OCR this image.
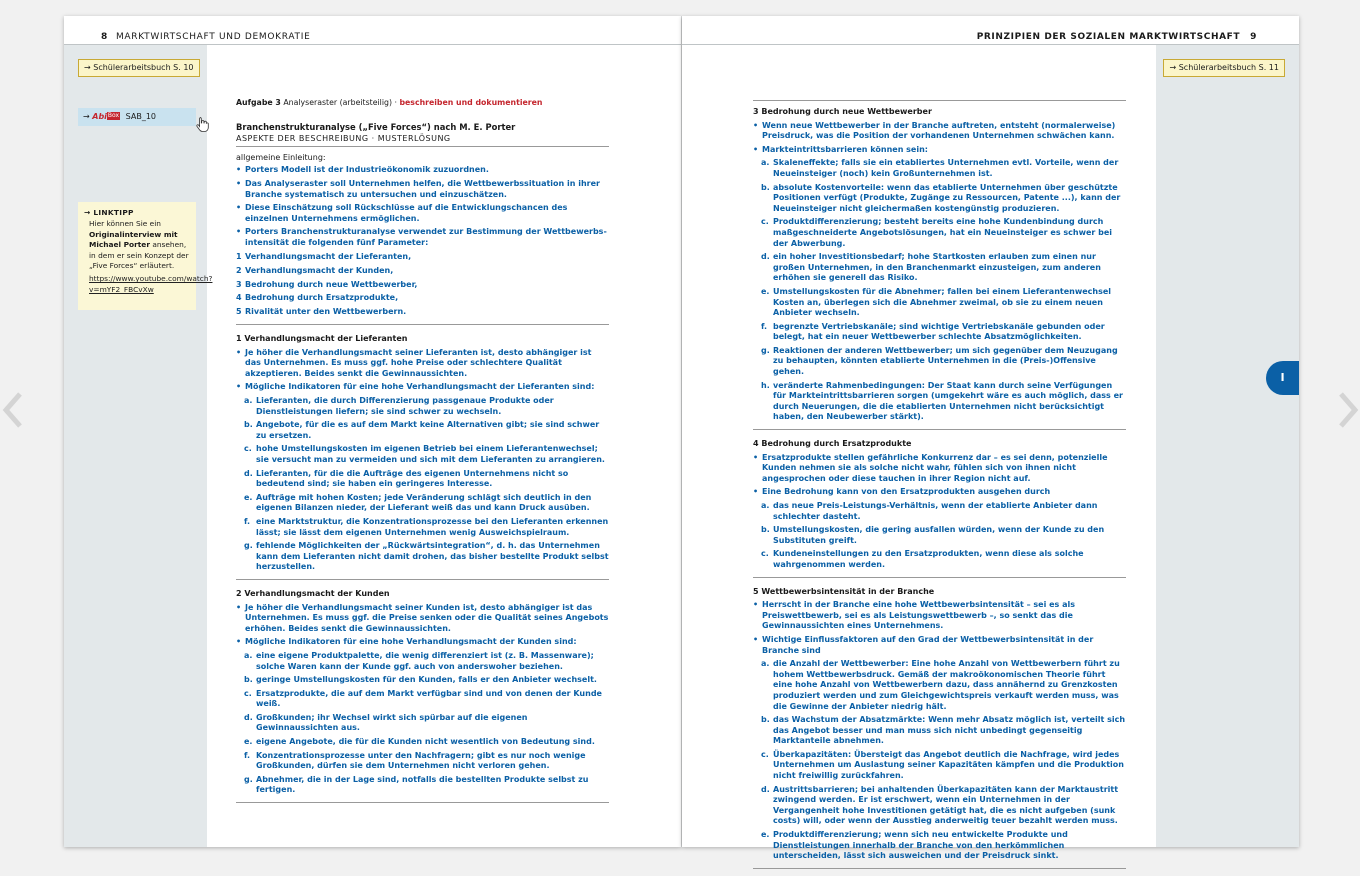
8 MARKTWIRTSCHAFT UND DEMOKRATIE
→ Schülerarbeitsbuch S. 10
→ AbiBox SAB_10
→ LINKTIPP

Hier können Sie ein Originalinterview mit Michael Porter ansehen, in dem er sein Konzept der „Five Forces“ erläutert.

https://www.youtube.com/watch?v=mYF2_FBCvXw
Aufgabe 3 Analyseraster (arbeitsteilig) · beschreiben und dokumentieren
Branchenstrukturanalyse („Five Forces“) nach M. E. Porter
ASPEKTE DER BESCHREIBUNG · MUSTERLÖSUNG
allgemeine Einleitung:
• Porters Modell ist der Industrieökonomik zuzuordnen.
• Das Analyseraster soll Unternehmen helfen, die Wettbewerbssituation in ihrer Branche systematisch zu untersuchen und einzuschätzen.
• Diese Einschätzung soll Rückschlüsse auf die Entwicklungschancen des einzelnen Unternehmens ermöglichen.
• Porters Branchenstrukturanalyse verwendet zur Bestimmung der Wettbewerbsintensität die folgenden fünf Parameter:
1 Verhandlungsmacht der Lieferanten,
2 Verhandlungsmacht der Kunden,
3 Bedrohung durch neue Wettbewerber,
4 Bedrohung durch Ersatzprodukte,
5 Rivalität unter den Wettbewerbern.
1 Verhandlungsmacht der Lieferanten
• Je höher die Verhandlungsmacht seiner Lieferanten ist, desto abhängiger ist das Unternehmen. Es muss ggf. hohe Preise oder schlechtere Qualität akzeptieren. Beides senkt die Gewinnaussichten.
• Mögliche Indikatoren für eine hohe Verhandlungsmacht der Lieferanten sind:
a. Lieferanten, die durch Differenzierung passgenaue Produkte oder Dienstleistungen liefern; sie sind schwer zu wechseln.
b. Angebote, für die es auf dem Markt keine Alternativen gibt; sie sind schwer zu ersetzen.
c. hohe Umstellungskosten im eigenen Betrieb bei einem Lieferantenwechsel; sie versucht man zu vermeiden und sich mit dem Lieferanten zu arrangieren.
d. Lieferanten, für die die Aufträge des eigenen Unternehmens nicht so bedeutend sind; sie haben ein geringeres Interesse.
e. Aufträge mit hohen Kosten; jede Veränderung schlägt sich deutlich in den eigenen Bilanzen nieder, der Lieferant weiß das und kann Druck ausüben.
f. eine Marktstruktur, die Konzentrationsprozesse bei den Lieferanten erkennen lässt; sie lässt dem eigenen Unternehmen wenig Ausweichspielraum.
g. fehlende Möglichkeiten der „Rückwärtsintegration“, d. h. das Unternehmen kann dem Lieferanten nicht damit drohen, das bisher bestellte Produkt selbst herzustellen.
2 Verhandlungsmacht der Kunden
• Je höher die Verhandlungsmacht seiner Kunden ist, desto abhängiger ist das Unternehmen. Es muss ggf. die Preise senken oder die Qualität seines Angebots erhöhen. Beides senkt die Gewinnaussichten.
• Mögliche Indikatoren für eine hohe Verhandlungsmacht der Kunden sind:
a. eine eigene Produktpalette, die wenig differenziert ist (z. B. Massenware); solche Waren kann der Kunde ggf. auch von anderswoher beziehen.
b. geringe Umstellungskosten für den Kunden, falls er den Anbieter wechselt.
c. Ersatzprodukte, die auf dem Markt verfügbar sind und von denen der Kunde weiß.
d. Großkunden; ihr Wechsel wirkt sich spürbar auf die eigenen Gewinnaussichten aus.
e. eigene Angebote, die für die Kunden nicht wesentlich von Bedeutung sind.
f. Konzentrationsprozesse unter den Nachfragern; gibt es nur noch wenige Großkunden, dürfen sie dem Unternehmen nicht verloren gehen.
g. Abnehmer, die in der Lage sind, notfalls die bestellten Produkte selbst zu fertigen.
PRINZIPIEN DER SOZIALEN MARKTWIRTSCHAFT 9
→ Schülerarbeitsbuch S. 11
I
3 Bedrohung durch neue Wettbewerber
• Wenn neue Wettbewerber in der Branche auftreten, entsteht (normalerweise) Preisdruck, was die Position der vorhandenen Unternehmen schwächen kann.
• Markteintrittsbarrieren können sein:
a. Skaleneffekte; falls sie ein etabliertes Unternehmen evtl. Vorteile, wenn der Neueinsteiger (noch) kein Großunternehmen ist.
b. absolute Kostenvorteile: wenn das etablierte Unternehmen über geschützte Positionen verfügt (Produkte, Zugänge zu Ressourcen, Patente ...), kann der Neueinsteiger nicht gleichermaßen kostengünstig produzieren.
c. Produktdifferenzierung; besteht bereits eine hohe Kundenbindung durch maßgeschneiderte Angebotslösungen, hat ein Neueinsteiger es schwer bei der Abwerbung.
d. ein hoher Investitionsbedarf; hohe Startkosten erlauben zum einen nur großen Unternehmen, in den Branchenmarkt einzusteigen, zum anderen erhöhen sie generell das Risiko.
e. Umstellungskosten für die Abnehmer; fallen bei einem Lieferantenwechsel Kosten an, überlegen sich die Abnehmer zweimal, ob sie zu einem neuen Anbieter wechseln.
f. begrenzte Vertriebskanäle; sind wichtige Vertriebskanäle gebunden oder belegt, hat ein neuer Wettbewerber schlechte Absatzmöglichkeiten.
g. Reaktionen der anderen Wettbewerber; um sich gegenüber dem Neuzugang zu behaupten, könnten etablierte Unternehmen in die (Preis-)Offensive gehen.
h. veränderte Rahmenbedingungen: Der Staat kann durch seine Verfügungen für Markteintrittsbarrieren sorgen (umgekehrt wäre es auch möglich, dass er durch Neuerungen, die die etablierten Unternehmen nicht berücksichtigt haben, den Neubewerber stärkt).
4 Bedrohung durch Ersatzprodukte
• Ersatzprodukte stellen gefährliche Konkurrenz dar – es sei denn, potenzielle Kunden nehmen sie als solche nicht wahr, fühlen sich von ihnen nicht angesprochen oder diese tauchen in ihrer Region nicht auf.
• Eine Bedrohung kann von den Ersatzprodukten ausgehen durch
a. das neue Preis-Leistungs-Verhältnis, wenn der etablierte Anbieter dann schlechter dasteht.
b. Umstellungskosten, die gering ausfallen würden, wenn der Kunde zu den Substituten greift.
c. Kundeneinstellungen zu den Ersatzprodukten, wenn diese als solche wahrgenommen werden.
5 Wettbewerbsintensität in der Branche
• Herrscht in der Branche eine hohe Wettbewerbsintensität – sei es als Preiswettbewerb, sei es als Leistungswettbewerb –, so senkt das die Gewinnaussichten eines Unternehmens.
• Wichtige Einflussfaktoren auf den Grad der Wettbewerbsintensität in der Branche sind
a. die Anzahl der Wettbewerber: Eine hohe Anzahl von Wettbewerbern führt zu hohem Wettbewerbsdruck. Gemäß der makroökonomischen Theorie führt eine hohe Anzahl von Wettbewerbern dazu, dass annähernd zu Grenzkosten produziert werden und zum Gleichgewichtspreis verkauft werden muss, was die Gewinne der Anbieter niedrig hält.
b. das Wachstum der Absatzmärkte: Wenn mehr Absatz möglich ist, verteilt sich das Angebot besser und man muss sich nicht unbedingt gegenseitig Marktanteile abnehmen.
c. Überkapazitäten: Übersteigt das Angebot deutlich die Nachfrage, wird jedes Unternehmen um Auslastung seiner Kapazitäten kämpfen und die Produktion nicht freiwillig zurückfahren.
d. Austrittsbarrieren; bei anhaltenden Überkapazitäten kann der Marktaustritt zwingend werden. Er ist erschwert, wenn ein Unternehmen in der Vergangenheit hohe Investitionen getätigt hat, die es nicht aufgeben (sunk costs) will, oder wenn der Ausstieg anderweitig teuer bezahlt werden muss.
e. Produktdifferenzierung; wenn sich neu entwickelte Produkte und Dienstleistungen innerhalb der Branche von den herkömmlichen unterscheiden, lässt sich ausweichen und der Preisdruck sinkt.
